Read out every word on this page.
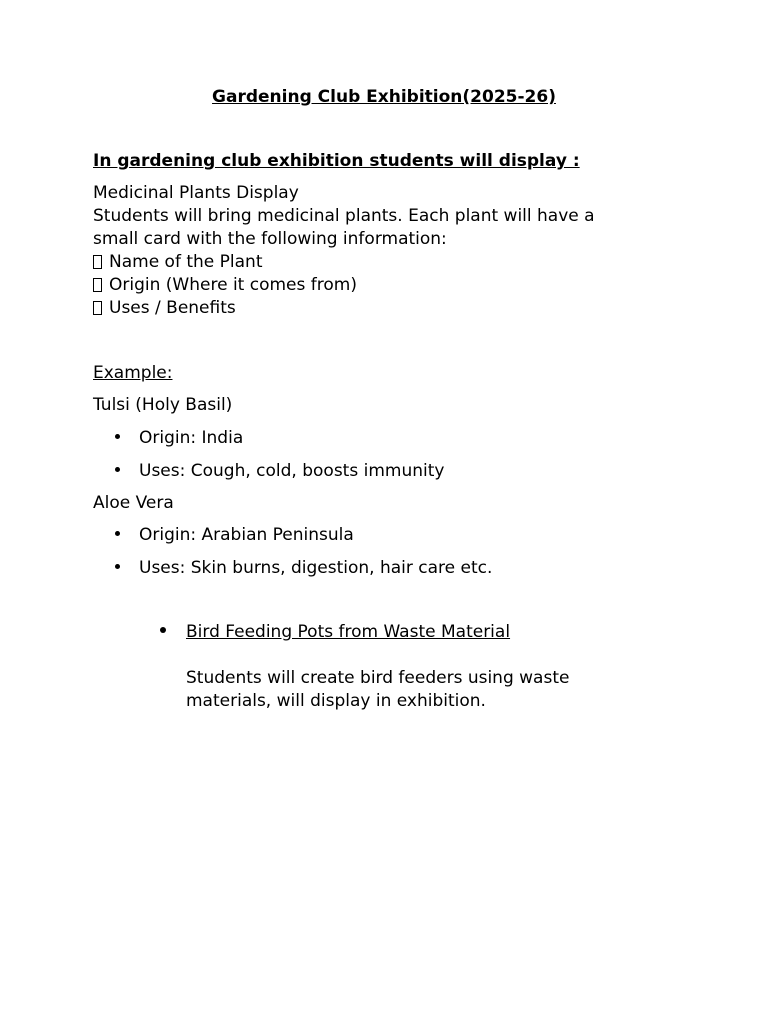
Gardening Club Exhibition(2025-26)
In gardening club exhibition students will display :
Medicinal Plants Display
Students will bring medicinal plants. Each plant will have a
small card with the following information:
Name of the Plant
Origin (Where it comes from)
Uses / Benefits
Example:
Tulsi (Holy Basil)
Origin: India
Uses: Cough, cold, boosts immunity
Aloe Vera
Origin: Arabian Peninsula
Uses: Skin burns, digestion, hair care etc.
Bird Feeding Pots from Waste Material
Students will create bird feeders using waste
materials, will display in exhibition.
